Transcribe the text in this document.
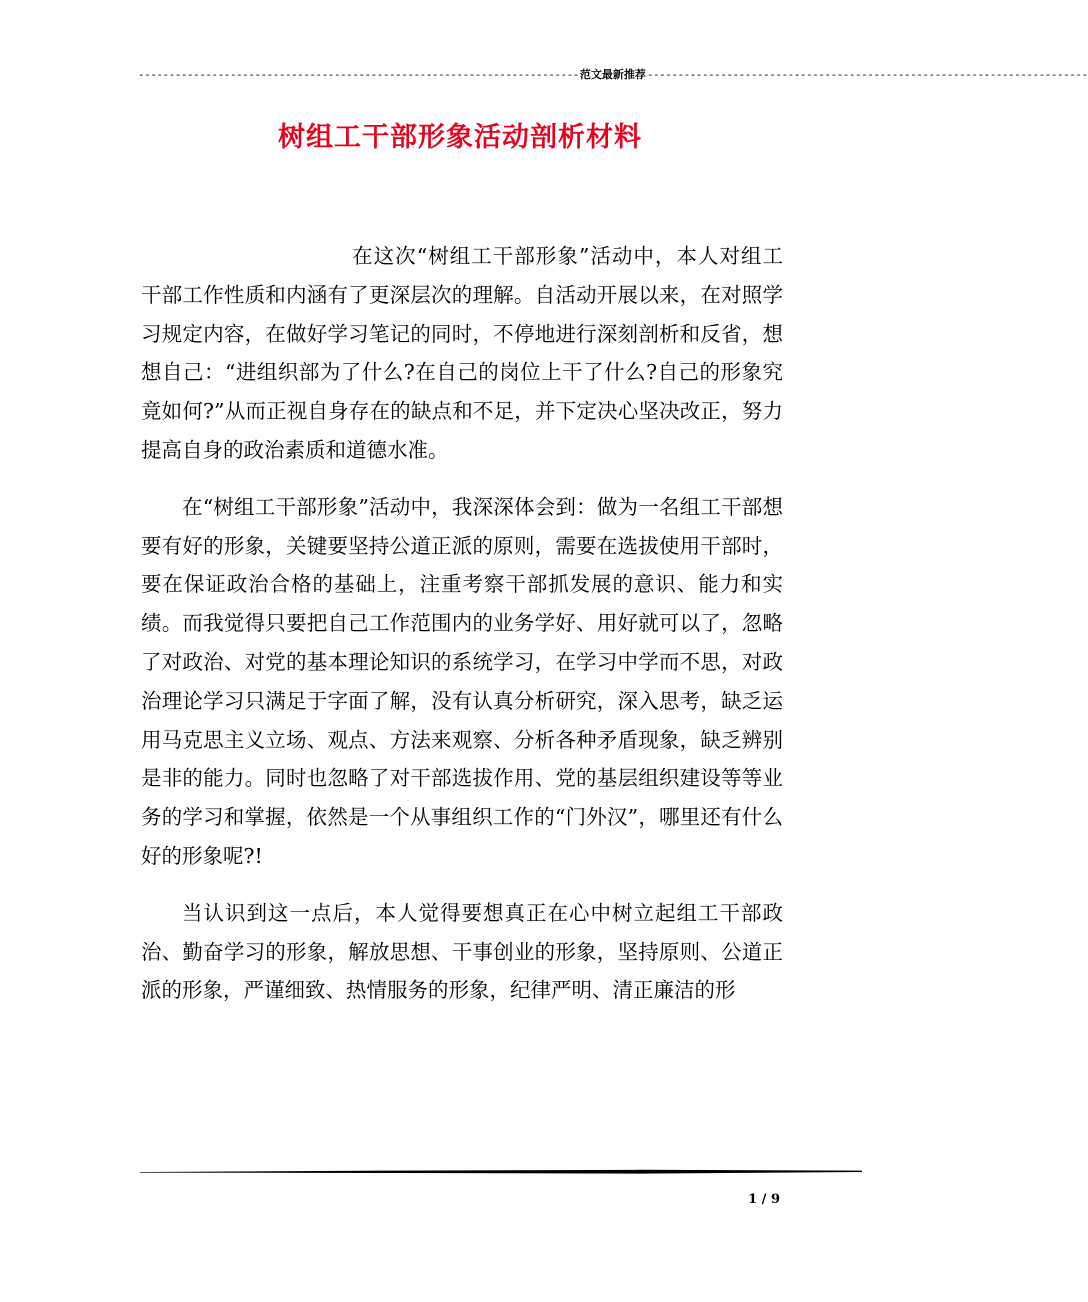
------------------------------------------------------------------------ 范文最新推荐 ------------------------------------------------------------------------
树组工干部形象活动剖析材料

在这次“树组工干部形象”活动中，本人对组工干部工作性质和内涵有了更深层次的理解。自活动开展以来，在对照学习规定内容，在做好学习笔记的同时，不停地进行深刻剖析和反省，想想自己：“进组织部为了什么?在自己的岗位上干了什么?自己的形象究竟如何?”从而正视自身存在的缺点和不足，并下定决心坚决改正，努力提高自身的政治素质和道德水准。

在“树组工干部形象”活动中，我深深体会到：做为一名组工干部想要有好的形象，关键要坚持公道正派的原则，需要在选拔使用干部时，要在保证政治合格的基础上，注重考察干部抓发展的意识、能力和实绩。而我觉得只要把自己工作范围内的业务学好、用好就可以了，忽略了对政治、对党的基本理论知识的系统学习，在学习中学而不思，对政治理论学习只满足于字面了解，没有认真分析研究，深入思考，缺乏运用马克思主义立场、观点、方法来观察、分析各种矛盾现象，缺乏辨别是非的能力。同时也忽略了对干部选拔作用、党的基层组织建设等等业务的学习和掌握，依然是一个从事组织工作的“门外汉”，哪里还有什么好的形象呢?!

当认识到这一点后，本人觉得要想真正在心中树立起组工干部政治、勤奋学习的形象，解放思想、干事创业的形象，坚持原则、公道正派的形象，严谨细致、热情服务的形象，纪律严明、清正廉洁的形

1 / 9
